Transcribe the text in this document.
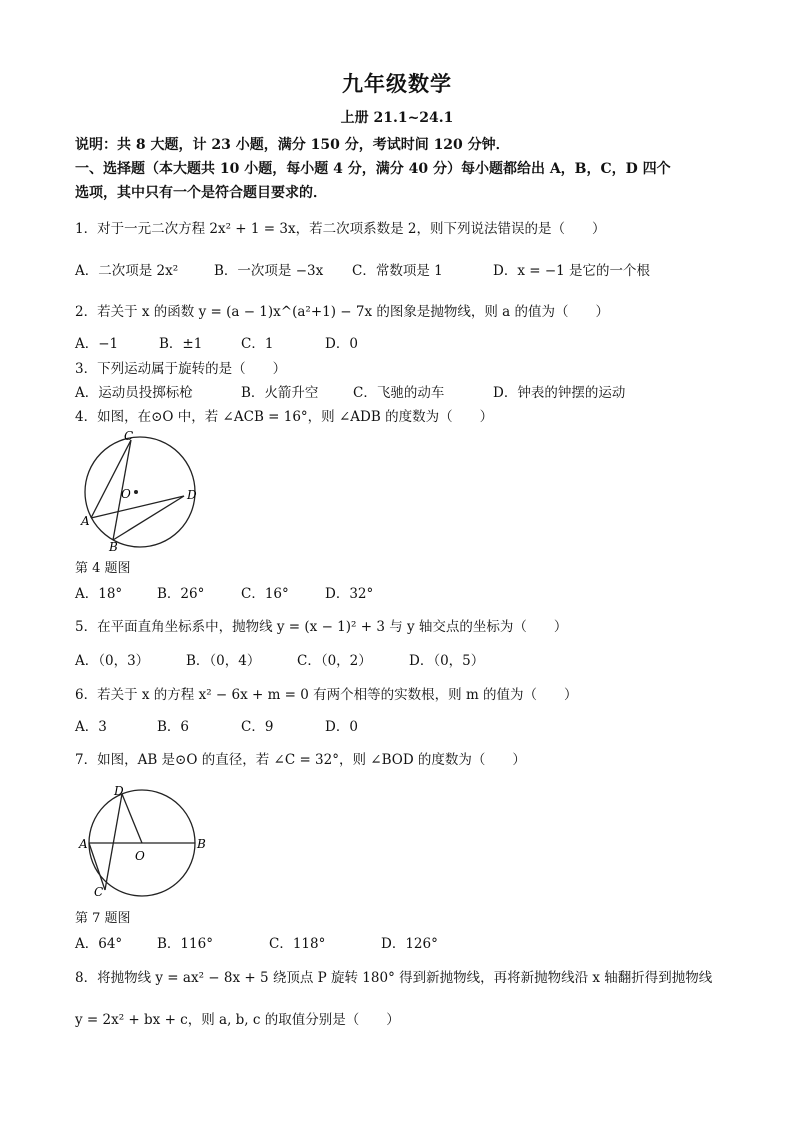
九年级数学
上册 21.1~24.1
说明：共 8 大题，计 23 小题，满分 150 分，考试时间 120 分钟．
一、选择题（本大题共 10 小题，每小题 4 分，满分 40 分）每小题都给出 A，B，C，D 四个
选项，其中只有一个是符合题目要求的．
1．对于一元二次方程 2x² + 1 = 3x，若二次项系数是 2，则下列说法错误的是（　　）
A．二次项是 2x²	B．一次项是 −3x C．常数项是 1	D．x = −1 是它的一个根
2．若关于 x 的函数 y = (a − 1)x^(a²+1) − 7x 的图象是抛物线，则 a 的值为（　　）
A．−1	B．±1	C．1	D．0
3．下列运动属于旋转的是（　　）
A．运动员投掷标枪	B．火箭升空	C．飞驰的动车	D．钟表的钟摆的运动
4．如图，在⊙O 中，若 ∠ACB = 16°，则 ∠ADB 的度数为（　　）
C
O	D
A
B
第 4 题图
A．18°	B．26°	C．16°	D．32°
5．在平面直角坐标系中，抛物线 y = (x − 1)² + 3 与 y 轴交点的坐标为（　　）
A．（0，3）	B．（0，4）	C．（0，2）	D．（0，5）
6．若关于 x 的方程 x² − 6x + m = 0 有两个相等的实数根，则 m 的值为（　　）
A．3	B．6	C．9	D．0
7．如图，AB 是⊙O 的直径，若 ∠C = 32°，则 ∠BOD 的度数为（　　）
D
A
O
B
C
第 7 题图
A．64°	B．116°	C．118°	D．126°
8．将抛物线 y = ax² − 8x + 5 绕顶点 P 旋转 180° 得到新抛物线，再将新抛物线沿 x 轴翻折得到抛物线
y = 2x² + bx + c，则 a, b, c 的取值分别是（　　）
